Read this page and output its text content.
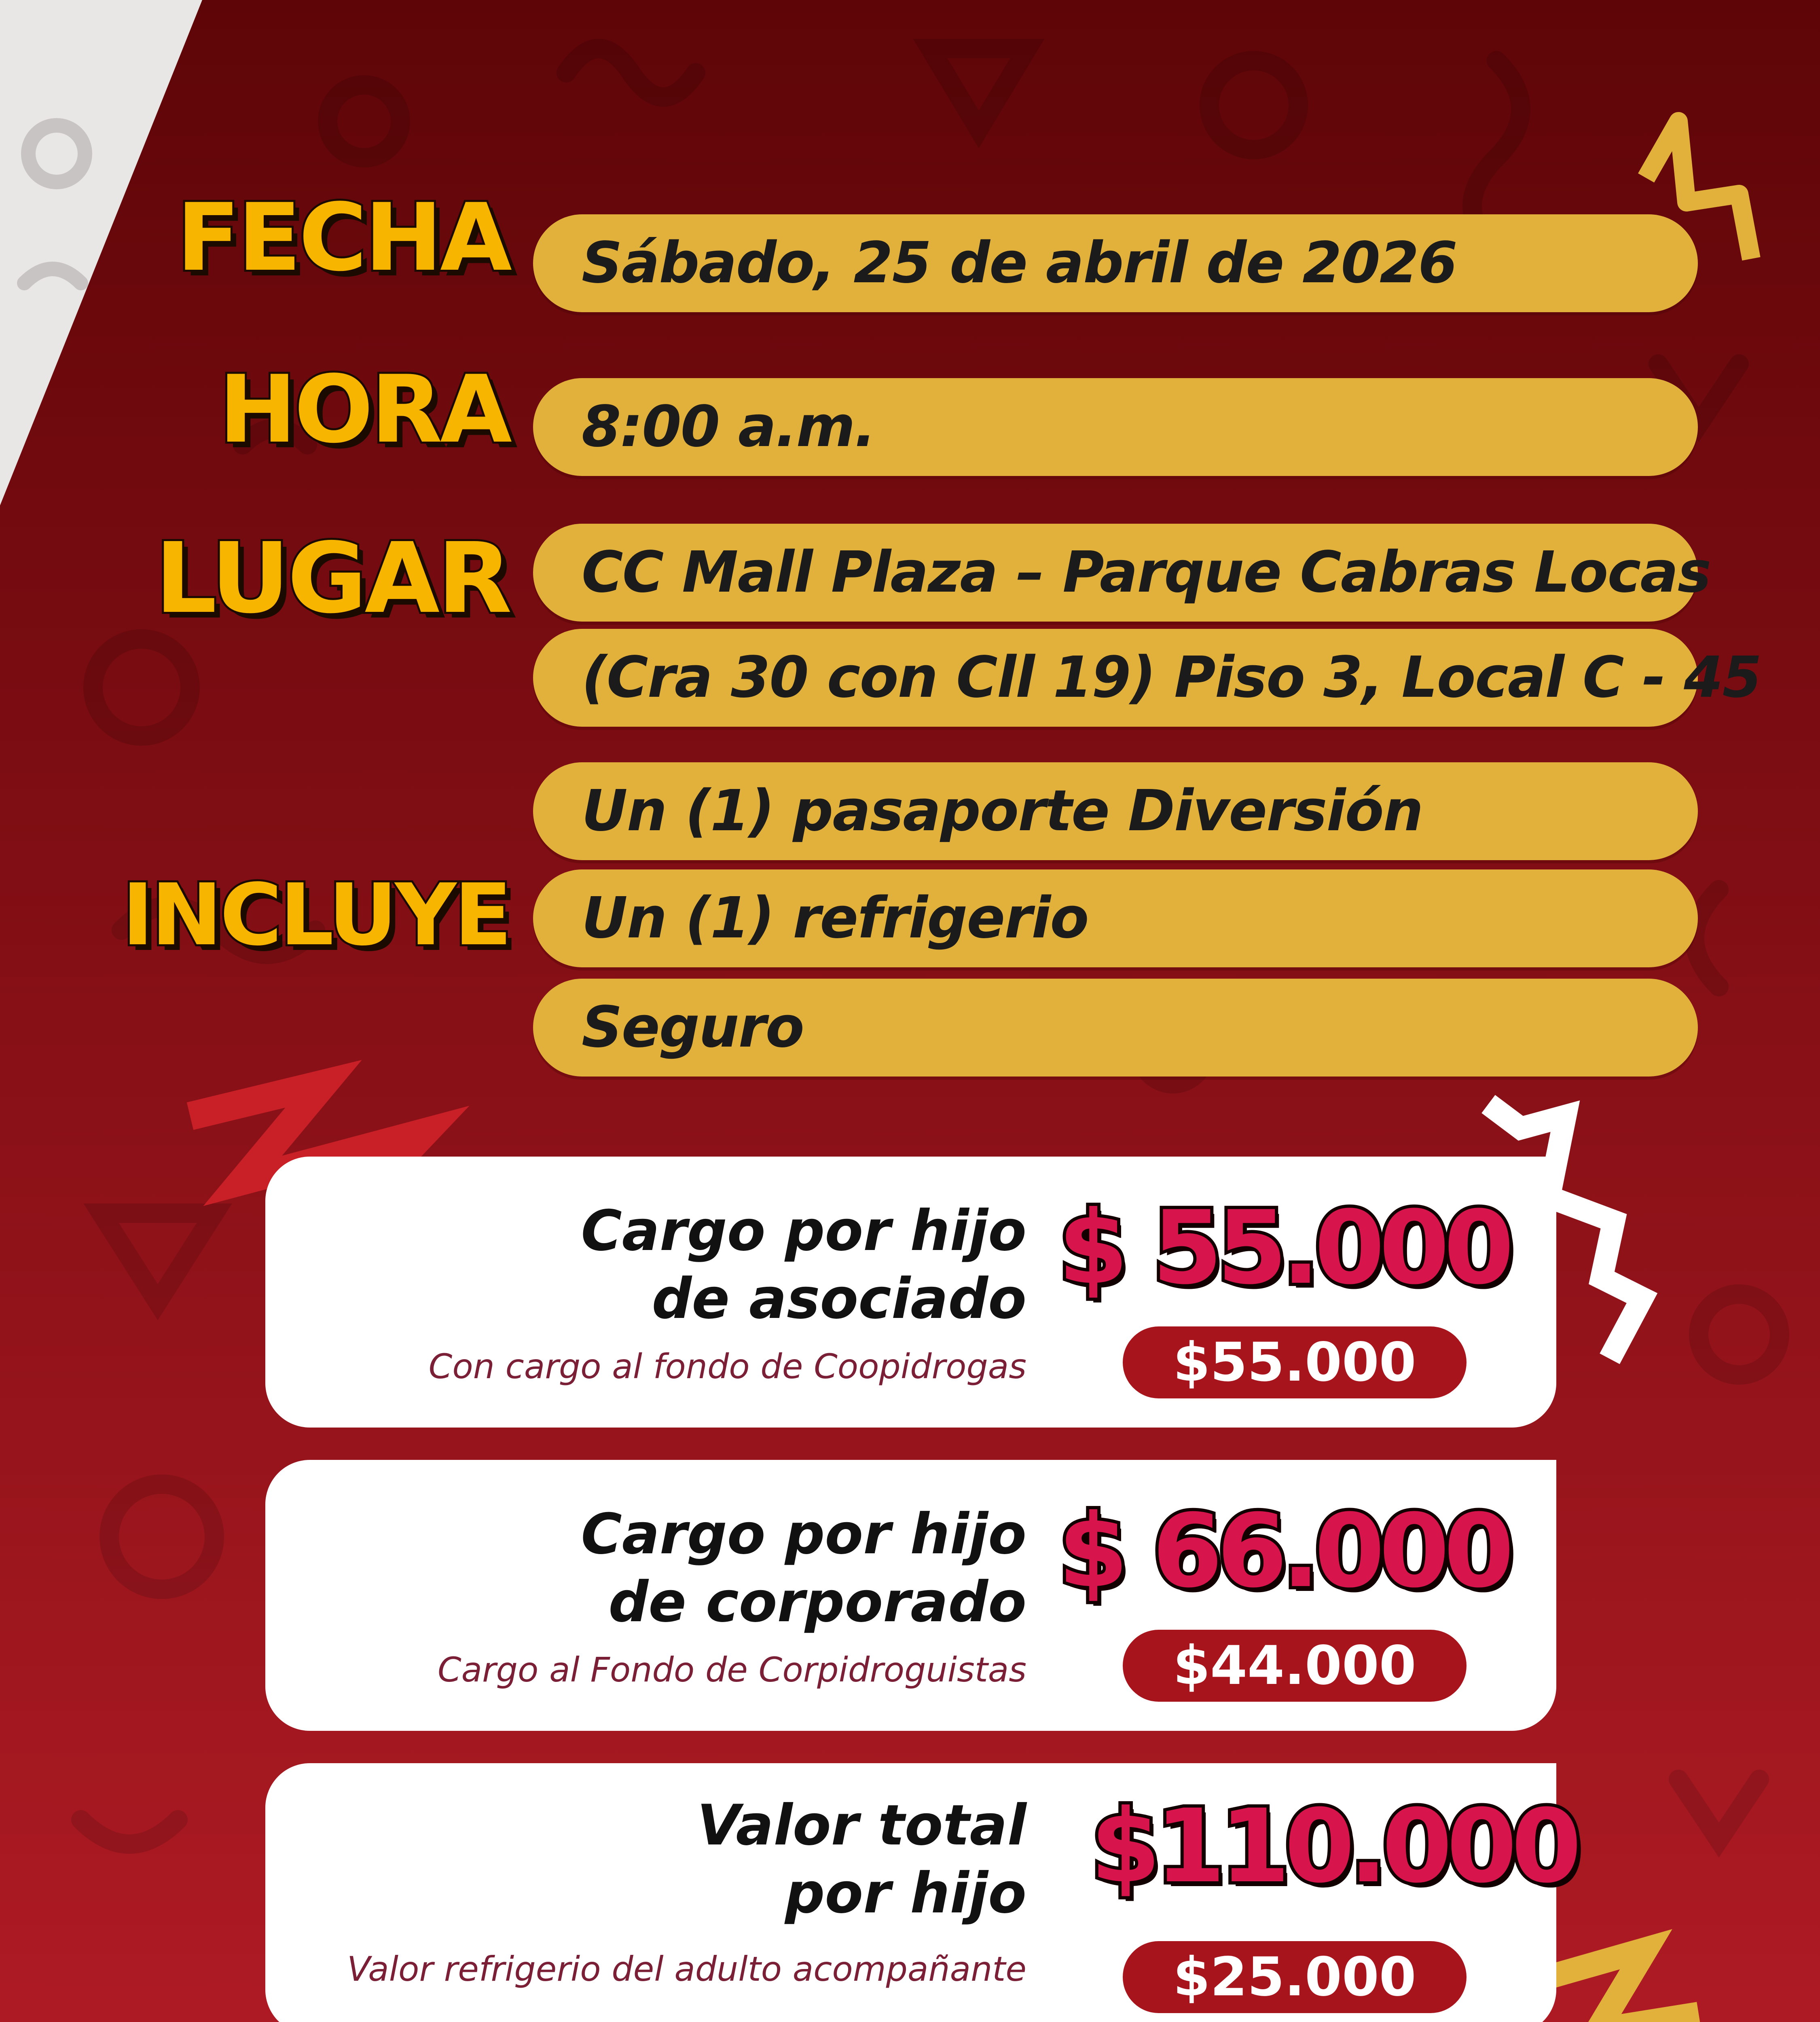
FECHA
HORA
LUGAR
INCLUYE
Sábado, 25 de abril de 2026
8:00 a.m.
CC Mall Plaza – Parque Cabras Locas
(Cra 30 con Cll 19) Piso 3, Local C - 45
Un (1) pasaporte Diversión
Un (1) refrigerio
Seguro
Cargo por hijo
de asociado
Con cargo al fondo de Coopidrogas
$ 55.000
$55.000
Cargo por hijo
de corporado
Cargo al Fondo de Corpidroguistas
$ 66.000
$44.000
Valor total
por hijo
Valor refrigerio del adulto acompañante
$110.000
$25.000
